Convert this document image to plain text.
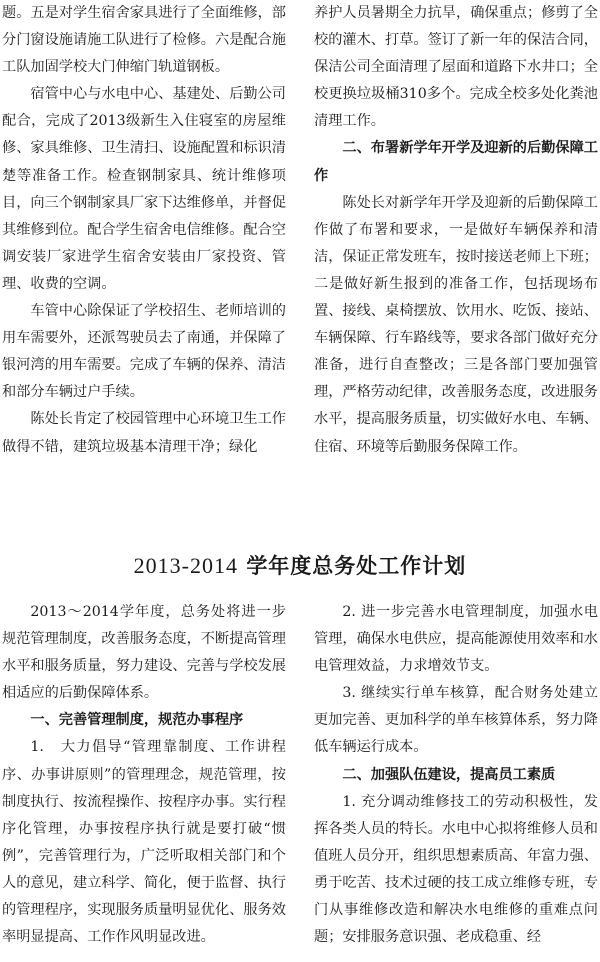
题。五是对学生宿舍家具进行了全面维修，部分门窗设施请施工队进行了检修。六是配合施工队加固学校大门伸缩门轨道钢板。

宿管中心与水电中心、基建处、后勤公司配合，完成了2013级新生入住寝室的房屋维修、家具维修、卫生清扫、设施配置和标识清楚等准备工作。检查钢制家具、统计维修项目，向三个钢制家具厂家下达维修单，并督促其维修到位。配合学生宿舍电信维修。配合空调安装厂家进学生宿舍安装由厂家投资、管理、收费的空调。

车管中心除保证了学校招生、老师培训的用车需要外，还派驾驶员去了南通，并保障了银河湾的用车需要。完成了车辆的保养、清洁和部分车辆过户手续。

陈处长肯定了校园管理中心环境卫生工作做得不错，建筑垃圾基本清理干净；绿化

养护人员暑期全力抗旱，确保重点；修剪了全校的灌木、打草。签订了新一年的保洁合同，保洁公司全面清理了屋面和道路下水井口；全校更换垃圾桶310多个。完成全校多处化粪池清理工作。

二、布署新学年开学及迎新的后勤保障工作

陈处长对新学年开学及迎新的后勤保障工作做了布署和要求，一是做好车辆保养和清洁，保证正常发班车，按时接送老师上下班；二是做好新生报到的准备工作，包括现场布置、接线、桌椅摆放、饮用水、吃饭、接站、车辆保障、行车路线等，要求各部门做好充分准备，进行自查整改；三是各部门要加强管理，严格劳动纪律，改善服务态度，改进服务水平，提高服务质量，切实做好水电、车辆、住宿、环境等后勤服务保障工作。

2013-2014 学年度总务处工作计划

2013～2014学年度，总务处将进一步规范管理制度，改善服务态度，不断提高管理水平和服务质量，努力建设、完善与学校发展相适应的后勤保障体系。

一、完善管理制度，规范办事程序

1.　大力倡导“管理靠制度、工作讲程序、办事讲原则”的管理理念，规范管理，按制度执行、按流程操作、按程序办事。实行程序化管理，办事按程序执行就是要打破“惯例”，完善管理行为，广泛听取相关部门和个人的意见，建立科学、简化，便于监督、执行的管理程序，实现服务质量明显优化、服务效率明显提高、工作作风明显改进。

2. 进一步完善水电管理制度，加强水电管理，确保水电供应，提高能源使用效率和水电管理效益，力求增效节支。

3. 继续实行单车核算，配合财务处建立更加完善、更加科学的单车核算体系，努力降低车辆运行成本。

二、加强队伍建设，提高员工素质

1. 充分调动维修技工的劳动积极性，发挥各类人员的特长。水电中心拟将维修人员和值班人员分开，组织思想素质高、年富力强、勇于吃苦、技术过硬的技工成立维修专班，专门从事维修改造和解决水电维修的重难点问题；安排服务意识强、老成稳重、经
